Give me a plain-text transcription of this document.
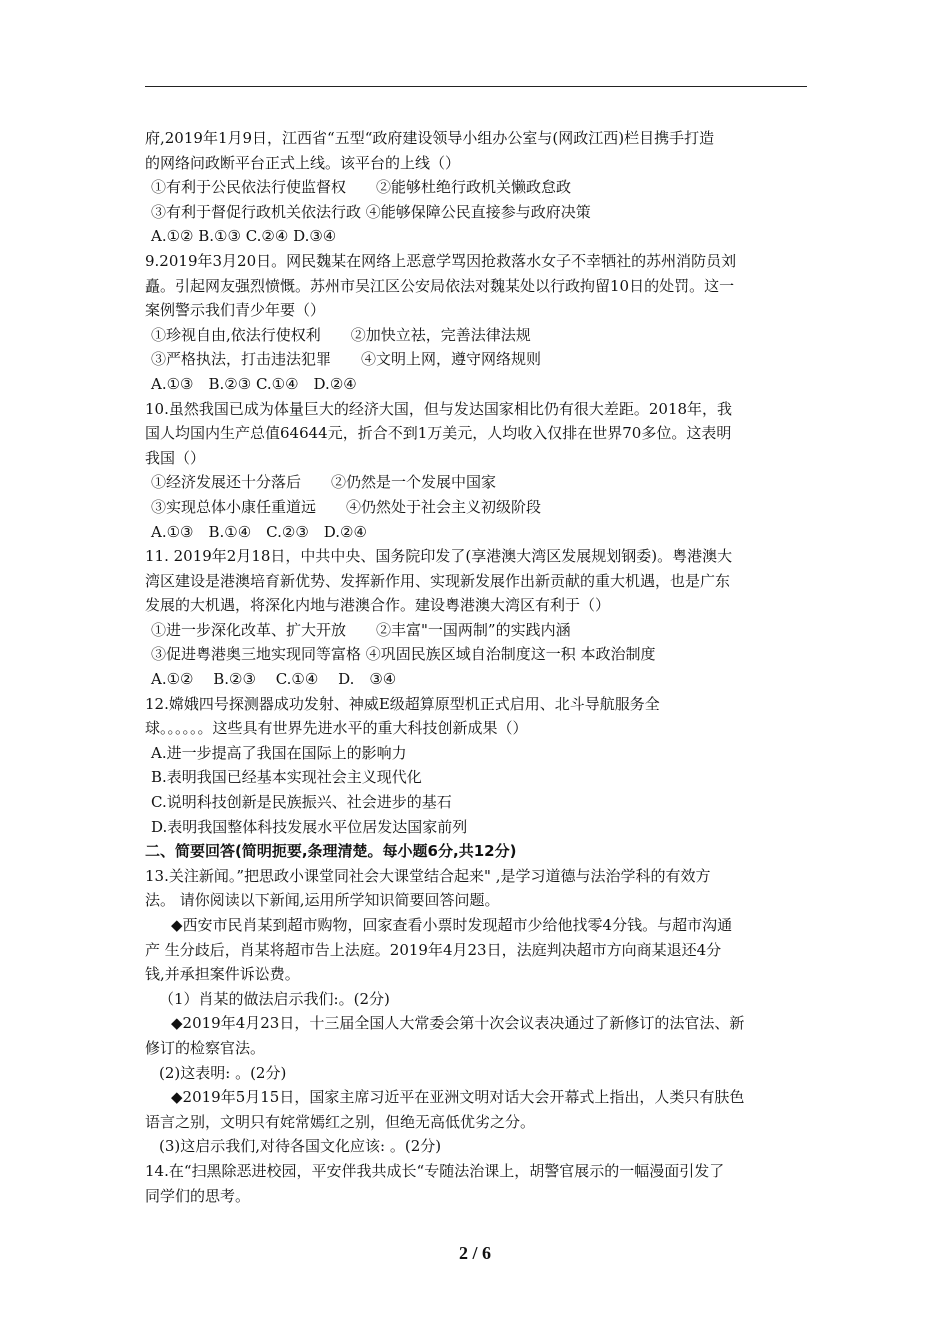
府,2019年1月9日，江西省“五型“政府建设领导小组办公室与(网政江西)栏目携手打造
的网络问政断平台正式上线。该平台的上线（）
①有利于公民依法行使监督权　　②能够杜绝行政机关懒政怠政
③有利于督促行政机关依法行政 ④能够保障公民直接参与政府决策
A.①② B.①③ C.②④ D.③④
9.2019年3月20日。网民魏某在网络上恶意学骂因抢救落水女子不幸牺社的苏州消防员刘
矗。引起网友强烈愤慨。苏州市吴江区公安局依法对魏某处以行政拘留10日的处罚。这一
案例警示我们青少年要（）
①珍视自由,依法行使权利　　②加快立祛，完善法律法规
③严格执法，打击违法犯罪　　④文明上网，遵守网络规则
A.①③　B.②③ C.①④　D.②④
10.虽然我国已成为体量巨大的经济大国，但与发达国家相比仍有很大差距。2018年，我
国人均国内生产总值64644元，折合不到1万美元，人均收入仅排在世界70多位。这表明
我国（）
①经济发展还十分落后　　②仍然是一个发展中国家
③实现总体小康任重道远　　④仍然处于社会主义初级阶段
A.①③　B.①④　C.②③　D.②④
11. 2019年2月18日，中共中央、国务院印发了(享港澳大湾区发展规划钢委)。粤港澳大
湾区建设是港澳培育新优势、发挥新作用、实现新发展作出新贡献的重大机遇，也是广东
发展的大机遇，将深化内地与港澳合作。建设粤港澳大湾区有利于（）
①进一步深化改革、扩大开放　　②丰富"一国两制”的实践内涵
③促进粤港奥三地实现同等富格 ④巩固民族区域自治制度这一积 本政治制度
A.①②　 B.②③　 C.①④　 D.　③④
12.嫦娥四号探测器成功发射、神威E级超算原型机正式启用、北斗导航服务全
球。。。。。。这些具有世界先进水平的重大科技创新成果（）
A.进一步提高了我国在国际上的影响力
B.表明我国已经基本实现社会主义现代化
C.说明科技创新是民族振兴、社会进步的基石
D.表明我国整体科技发展水平位居发达国家前列
二、简要回答(简明扼要,条理清楚。每小题6分,共12分)
13.关注新闻。”把思政小课堂同社会大课堂结合起来" ,是学习道德与法治学科的有效方
法。 请你阅读以下新闻,运用所学知识简要回答问题。
◆西安市民肖某到超市购物，回家查看小票时发现超市少给他找零4分钱。与超市沟通
产 生分歧后，肖某将超市告上法庭。2019年4月23日，法庭判决超市方向商某退还4分
钱,并承担案件诉讼费。
（1）肖某的做法启示我们:。(2分)
◆2019年4月23日，十三届全国人大常委会第十次会议表决通过了新修订的法官法、新
修订的检察官法。
(2)这表明: 。(2分)
◆2019年5月15日，国家主席习近平在亚洲文明对话大会开幕式上指出，人类只有肤色
语言之别，文明只有姹常嫣红之别，但绝无高低优劣之分。
(3)这启示我们,对待各国文化应该: 。(2分)
14.在“扫黑除恶进校园，平安伴我共成长“专随法治课上，胡警官展示的一幅漫面引发了
同学们的思考。
2 / 6
